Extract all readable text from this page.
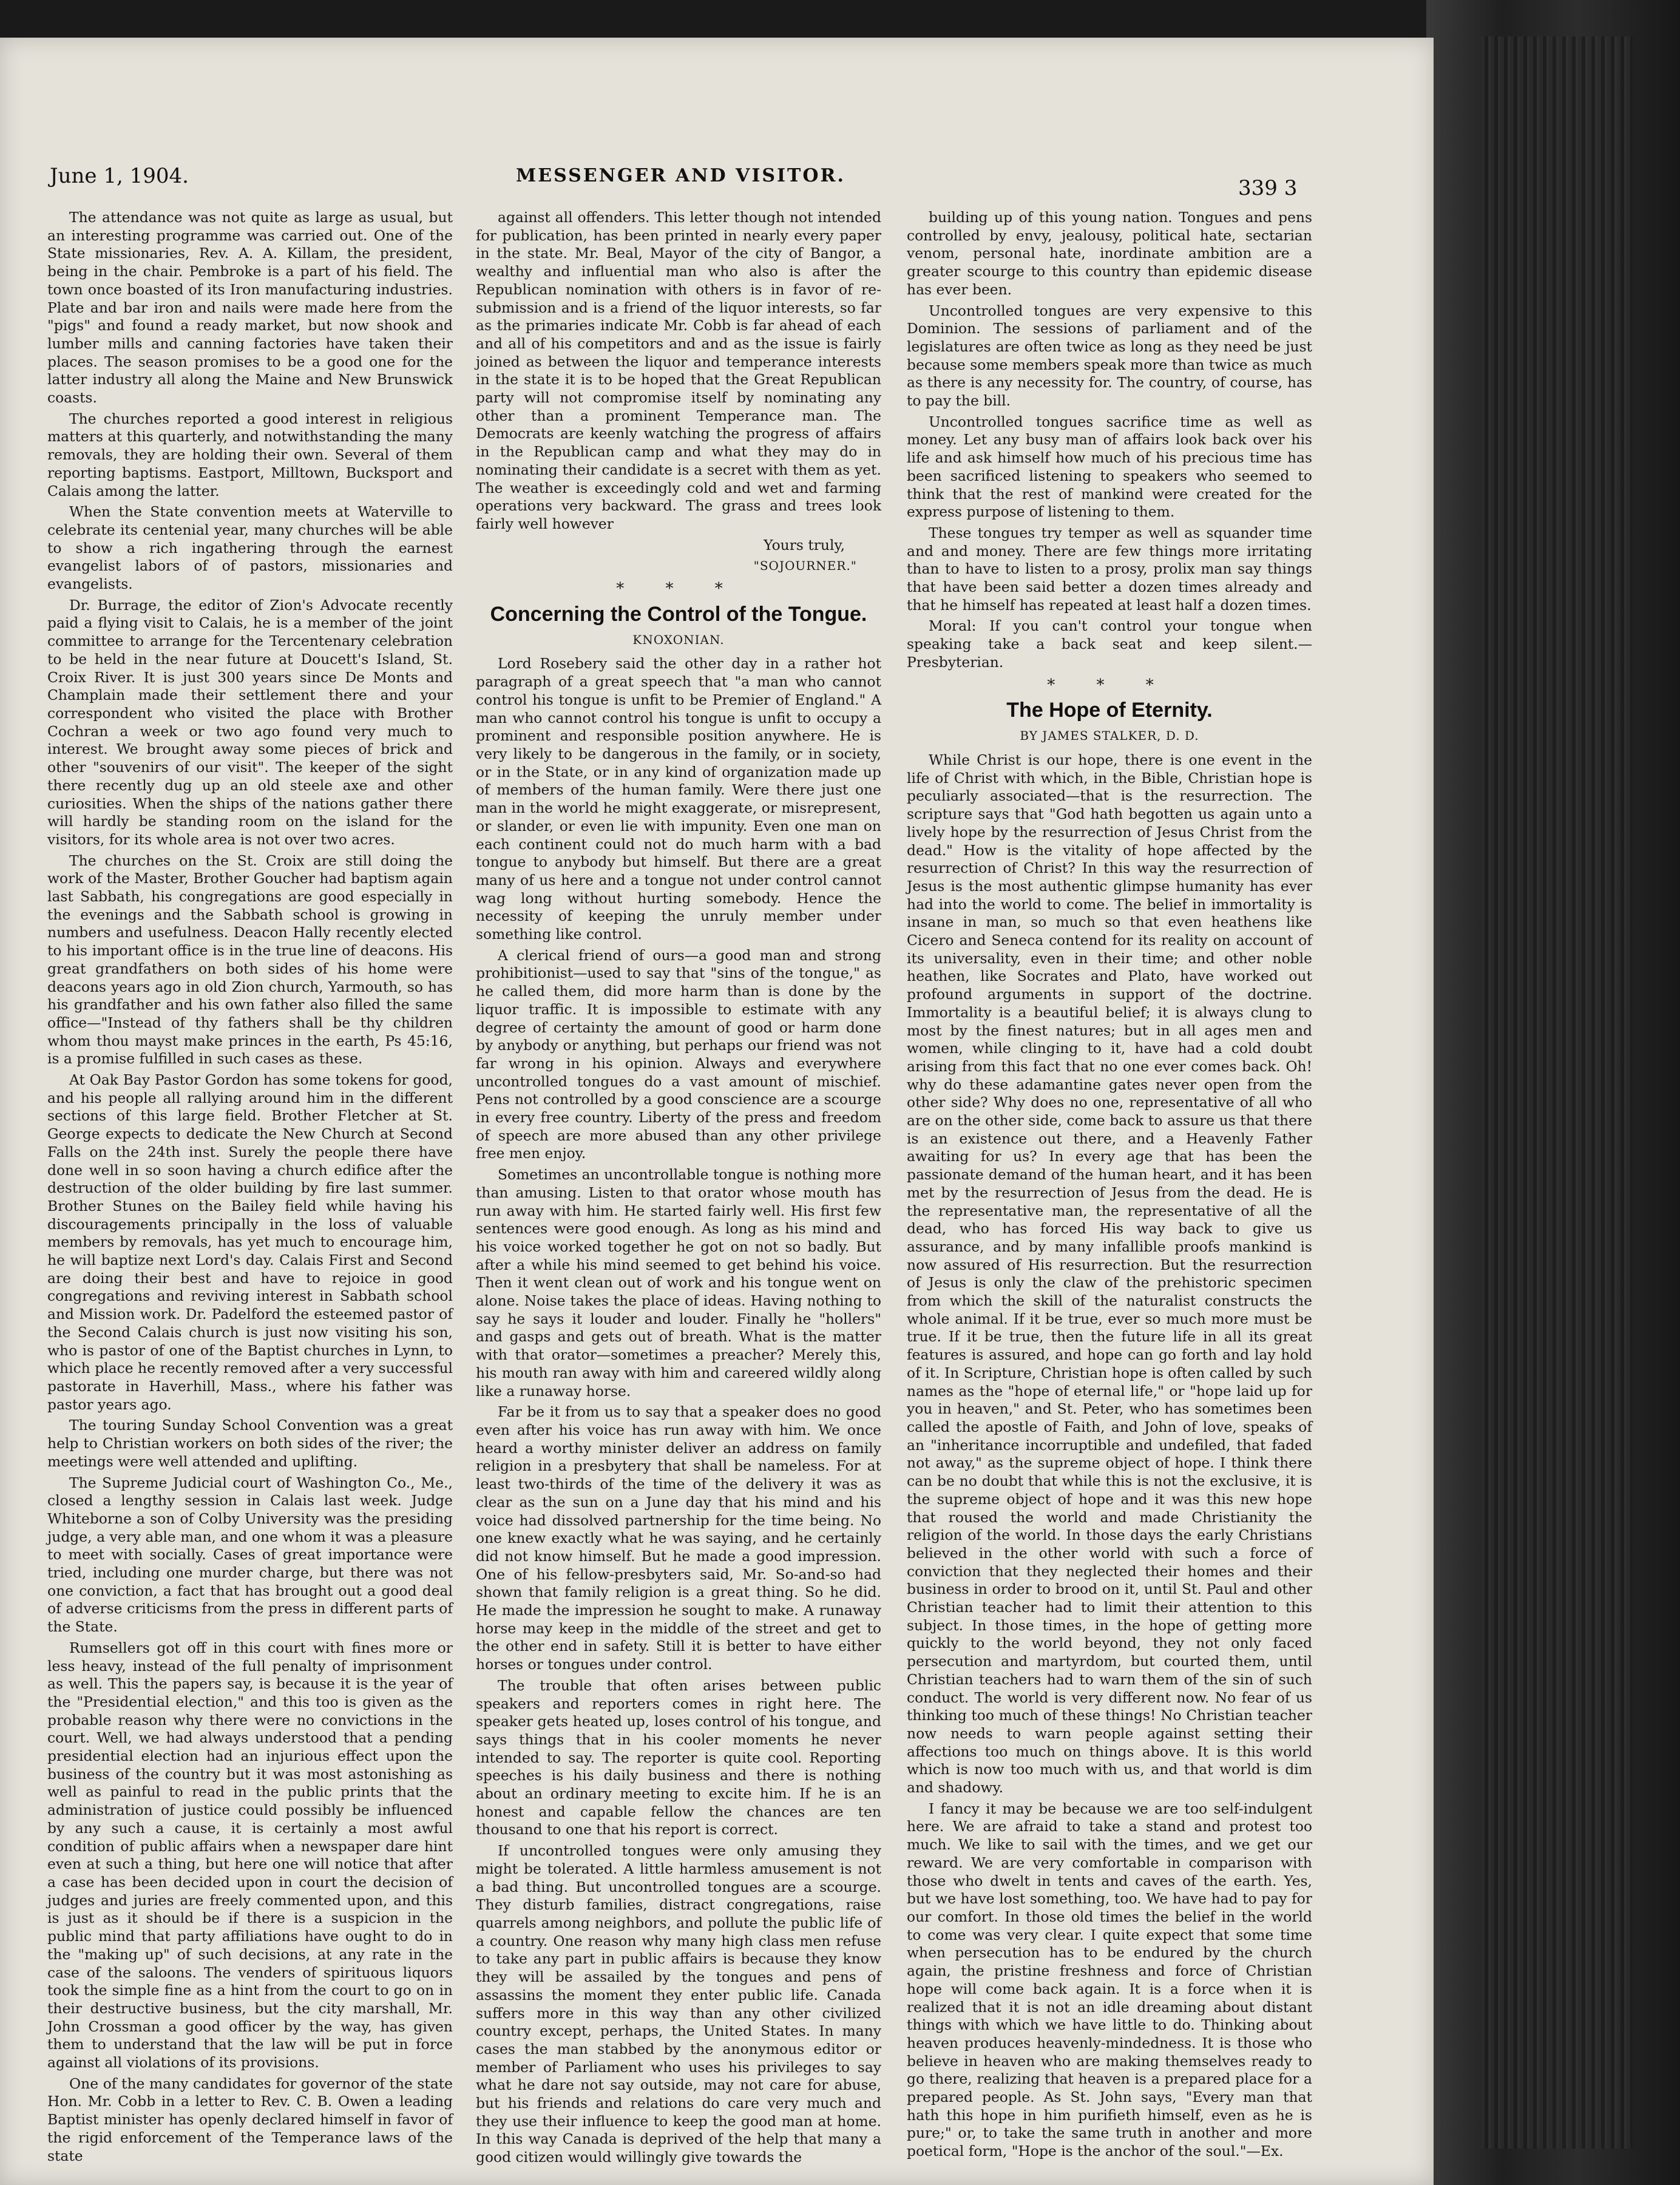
June 1, 1904.	MESSENGER AND VISITOR.
339 3

The attendance was not quite as large as usual, but an interesting programme was carried out. One of the State missionaries, Rev. A. A. Killam, the president, being in the chair. Pembroke is a part of his field. The town once boasted of its Iron manufacturing industries. Plate and bar iron and nails were made here from the "pigs" and found a ready market, but now shook and lumber mills and canning factories have taken their places. The season promises to be a good one for the latter industry all along the Maine and New Brunswick coasts.

The churches reported a good interest in religious matters at this quarterly, and notwithstanding the many removals, they are holding their own. Several of them reporting baptisms. Eastport, Milltown, Bucksport and Calais among the latter.

When the State convention meets at Waterville to celebrate its centenial year, many churches will be able to show a rich ingathering through the earnest evangelist labors of of pastors, missionaries and evangelists.

Dr. Burrage, the editor of Zion's Advocate recently paid a flying visit to Calais, he is a member of the joint committee to arrange for the Tercentenary celebration to be held in the near future at Doucett's Island, St. Croix River. It is just 300 years since De Monts and Champlain made their settlement there and your correspondent who visited the place with Brother Cochran a week or two ago found very much to interest. We brought away some pieces of brick and other "souvenirs of our visit". The keeper of the sight there recently dug up an old steele axe and other curiosities. When the ships of the nations gather there will hardly be standing room on the island for the visitors, for its whole area is not over two acres.

The churches on the St. Croix are still doing the work of the Master, Brother Goucher had baptism again last Sabbath, his congregations are good especially in the evenings and the Sabbath school is growing in numbers and usefulness. Deacon Hally recently elected to his important office is in the true line of deacons. His great grandfathers on both sides of his home were deacons years ago in old Zion church, Yarmouth, so has his grandfather and his own father also filled the same office—"Instead of thy fathers shall be thy children whom thou mayst make princes in the earth, Ps 45:16, is a promise fulfilled in such cases as these.

At Oak Bay Pastor Gordon has some tokens for good, and his people all rallying around him in the different sections of this large field. Brother Fletcher at St. George expects to dedicate the New Church at Second Falls on the 24th inst. Surely the people there have done well in so soon having a church edifice after the destruction of the older building by fire last summer. Brother Stunes on the Bailey field while having his discouragements principally in the loss of valuable members by removals, has yet much to encourage him, he will baptize next Lord's day. Calais First and Second are doing their best and have to rejoice in good congregations and reviving interest in Sabbath school and Mission work. Dr. Padelford the esteemed pastor of the Second Calais church is just now visiting his son, who is pastor of one of the Baptist churches in Lynn, to which place he recently removed after a very successful pastorate in Haverhill, Mass., where his father was pastor years ago.

The touring Sunday School Convention was a great help to Christian workers on both sides of the river; the meetings were well attended and uplifting.

The Supreme Judicial court of Washington Co., Me., closed a lengthy session in Calais last week. Judge Whiteborne a son of Colby University was the presiding judge, a very able man, and one whom it was a pleasure to meet with socially. Cases of great importance were tried, including one murder charge, but there was not one conviction, a fact that has brought out a good deal of adverse criticisms from the press in different parts of the State.

Rumsellers got off in this court with fines more or less heavy, instead of the full penalty of imprisonment as well. This the papers say, is because it is the year of the "Presidential election," and this too is given as the probable reason why there were no convictions in the court. Well, we had always understood that a pending presidential election had an injurious effect upon the business of the country but it was most astonishing as well as painful to read in the public prints that the administration of justice could possibly be influenced by any such a cause, it is certainly a most awful condition of public affairs when a newspaper dare hint even at such a thing, but here one will notice that after a case has been decided upon in court the decision of judges and juries are freely commented upon, and this is just as it should be if there is a suspicion in the public mind that party affiliations have ought to do in the "making up" of such decisions, at any rate in the case of the saloons. The venders of spirituous liquors took the simple fine as a hint from the court to go on in their destructive business, but the city marshall, Mr. John Crossman a good officer by the way, has given them to understand that the law will be put in force against all violations of its provisions.

One of the many candidates for governor of the state Hon. Mr. Cobb in a letter to Rev. C. B. Owen a leading Baptist minister has openly declared himself in favor of the rigid enforcement of the Temperance laws of the state

against all offenders. This letter though not intended for publication, has been printed in nearly every paper in the state. Mr. Beal, Mayor of the city of Bangor, a wealthy and influential man who also is after the Republican nomination with others is in favor of re-submission and is a friend of the liquor interests, so far as the primaries indicate Mr. Cobb is far ahead of each and all of his competitors and and as the issue is fairly joined as between the liquor and temperance interests in the state it is to be hoped that the Great Republican party will not compromise itself by nominating any other than a prominent Temperance man. The Democrats are keenly watching the progress of affairs in the Republican camp and what they may do in nominating their candidate is a secret with them as yet. The weather is exceedingly cold and wet and farming operations very backward. The grass and trees look fairly well however

Yours truly,

"SOJOURNER."

* * *
Concerning the Control of the Tongue.
KNOXONIAN.

Lord Rosebery said the other day in a rather hot paragraph of a great speech that "a man who cannot control his tongue is unfit to be Premier of England." A man who cannot control his tongue is unfit to occupy a prominent and responsible position anywhere. He is very likely to be dangerous in the family, or in society, or in the State, or in any kind of organization made up of members of the human family. Were there just one man in the world he might exaggerate, or misrepresent, or slander, or even lie with impunity. Even one man on each continent could not do much harm with a bad tongue to anybody but himself. But there are a great many of us here and a tongue not under control cannot wag long without hurting somebody. Hence the necessity of keeping the unruly member under something like control.

A clerical friend of ours—a good man and strong prohibitionist—used to say that "sins of the tongue," as he called them, did more harm than is done by the liquor traffic. It is impossible to estimate with any degree of certainty the amount of good or harm done by anybody or anything, but perhaps our friend was not far wrong in his opinion. Always and everywhere uncontrolled tongues do a vast amount of mischief. Pens not controlled by a good conscience are a scourge in every free country. Liberty of the press and freedom of speech are more abused than any other privilege free men enjoy.

Sometimes an uncontrollable tongue is nothing more than amusing. Listen to that orator whose mouth has run away with him. He started fairly well. His first few sentences were good enough. As long as his mind and his voice worked together he got on not so badly. But after a while his mind seemed to get behind his voice. Then it went clean out of work and his tongue went on alone. Noise takes the place of ideas. Having nothing to say he says it louder and louder. Finally he "hollers" and gasps and gets out of breath. What is the matter with that orator—sometimes a preacher? Merely this, his mouth ran away with him and careered wildly along like a runaway horse.

Far be it from us to say that a speaker does no good even after his voice has run away with him. We once heard a worthy minister deliver an address on family religion in a presbytery that shall be nameless. For at least two-thirds of the time of the delivery it was as clear as the sun on a June day that his mind and his voice had dissolved partnership for the time being. No one knew exactly what he was saying, and he certainly did not know himself. But he made a good impression. One of his fellow-presbyters said, Mr. So-and-so had shown that family religion is a great thing. So he did. He made the impression he sought to make. A runaway horse may keep in the middle of the street and get to the other end in safety. Still it is better to have either horses or tongues under control.

The trouble that often arises between public speakers and reporters comes in right here. The speaker gets heated up, loses control of his tongue, and says things that in his cooler moments he never intended to say. The reporter is quite cool. Reporting speeches is his daily business and there is nothing about an ordinary meeting to excite him. If he is an honest and capable fellow the chances are ten thousand to one that his report is correct.

If uncontrolled tongues were only amusing they might be tolerated. A little harmless amusement is not a bad thing. But uncontrolled tongues are a scourge. They disturb families, distract congregations, raise quarrels among neighbors, and pollute the public life of a country. One reason why many high class men refuse to take any part in public affairs is because they know they will be assailed by the tongues and pens of assassins the moment they enter public life. Canada suffers more in this way than any other civilized country except, perhaps, the United States. In many cases the man stabbed by the anonymous editor or member of Parliament who uses his privileges to say what he dare not say outside, may not care for abuse, but his friends and relations do care very much and they use their influence to keep the good man at home. In this way Canada is deprived of the help that many a good citizen would willingly give towards the

building up of this young nation. Tongues and pens controlled by envy, jealousy, political hate, sectarian venom, personal hate, inordinate ambition are a greater scourge to this country than epidemic disease has ever been.

Uncontrolled tongues are very expensive to this Dominion. The sessions of parliament and of the legislatures are often twice as long as they need be just because some members speak more than twice as much as there is any necessity for. The country, of course, has to pay the bill.

Uncontrolled tongues sacrifice time as well as money. Let any busy man of affairs look back over his life and ask himself how much of his precious time has been sacrificed listening to speakers who seemed to think that the rest of mankind were created for the express purpose of listening to them.

These tongues try temper as well as squander time and and money. There are few things more irritating than to have to listen to a prosy, prolix man say things that have been said better a dozen times already and that he himself has repeated at least half a dozen times.

Moral: If you can't control your tongue when speaking take a back seat and keep silent.—Presbyterian.

* * *
The Hope of Eternity.
BY JAMES STALKER, D. D.

While Christ is our hope, there is one event in the life of Christ with which, in the Bible, Christian hope is peculiarly associated—that is the resurrection. The scripture says that "God hath begotten us again unto a lively hope by the resurrection of Jesus Christ from the dead." How is the vitality of hope affected by the resurrection of Christ? In this way the resurrection of Jesus is the most authentic glimpse humanity has ever had into the world to come. The belief in immortality is insane in man, so much so that even heathens like Cicero and Seneca contend for its reality on account of its universality, even in their time; and other noble heathen, like Socrates and Plato, have worked out profound arguments in support of the doctrine. Immortality is a beautiful belief; it is always clung to most by the finest natures; but in all ages men and women, while clinging to it, have had a cold doubt arising from this fact that no one ever comes back. Oh! why do these adamantine gates never open from the other side? Why does no one, representative of all who are on the other side, come back to assure us that there is an existence out there, and a Heavenly Father awaiting for us? In every age that has been the passionate demand of the human heart, and it has been met by the resurrection of Jesus from the dead. He is the representative man, the representative of all the dead, who has forced His way back to give us assurance, and by many infallible proofs mankind is now assured of His resurrection. But the resurrection of Jesus is only the claw of the prehistoric specimen from which the skill of the naturalist constructs the whole animal. If it be true, ever so much more must be true. If it be true, then the future life in all its great features is assured, and hope can go forth and lay hold of it. In Scripture, Christian hope is often called by such names as the "hope of eternal life," or "hope laid up for you in heaven," and St. Peter, who has sometimes been called the apostle of Faith, and John of love, speaks of an "inheritance incorruptible and undefiled, that faded not away," as the supreme object of hope. I think there can be no doubt that while this is not the exclusive, it is the supreme object of hope and it was this new hope that roused the world and made Christianity the religion of the world. In those days the early Christians believed in the other world with such a force of conviction that they neglected their homes and their business in order to brood on it, until St. Paul and other Christian teacher had to limit their attention to this subject. In those times, in the hope of getting more quickly to the world beyond, they not only faced persecution and martyrdom, but courted them, until Christian teachers had to warn them of the sin of such conduct. The world is very different now. No fear of us thinking too much of these things! No Christian teacher now needs to warn people against setting their affections too much on things above. It is this world which is now too much with us, and that world is dim and shadowy.

I fancy it may be because we are too self-indulgent here. We are afraid to take a stand and protest too much. We like to sail with the times, and we get our reward. We are very comfortable in comparison with those who dwelt in tents and caves of the earth. Yes, but we have lost something, too. We have had to pay for our comfort. In those old times the belief in the world to come was very clear. I quite expect that some time when persecution has to be endured by the church again, the pristine freshness and force of Christian hope will come back again. It is a force when it is realized that it is not an idle dreaming about distant things with which we have little to do. Thinking about heaven produces heavenly-mindedness. It is those who believe in heaven who are making themselves ready to go there, realizing that heaven is a prepared place for a prepared people. As St. John says, "Every man that hath this hope in him purifieth himself, even as he is pure;" or, to take the same truth in another and more poetical form, "Hope is the anchor of the soul."—Ex.
